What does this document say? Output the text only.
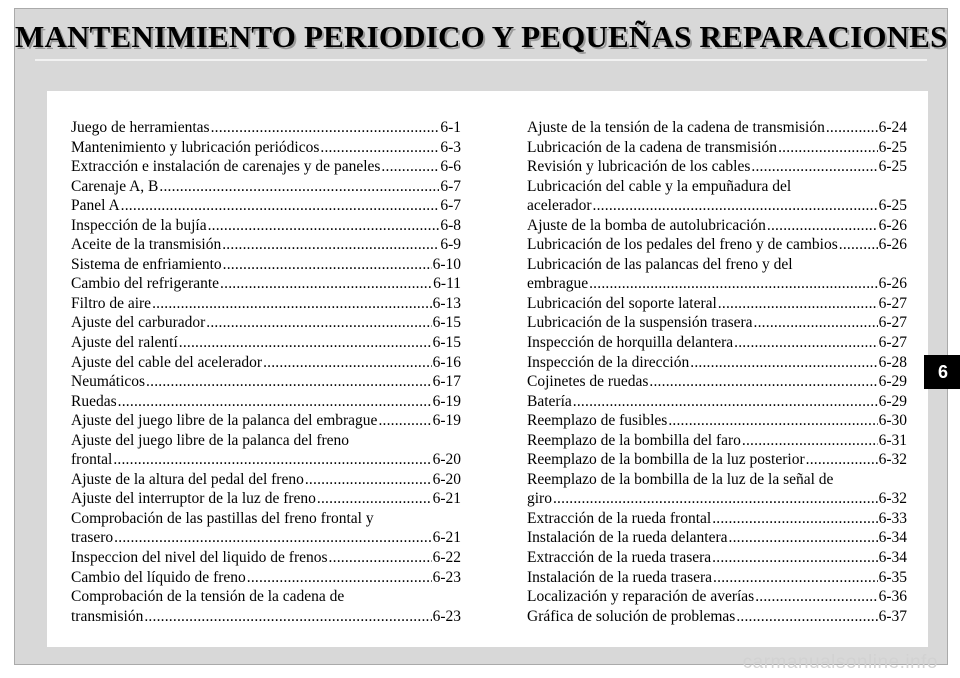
MANTENIMIENTO PERIODICO Y PEQUEÑAS REPARACIONES
Juego de herramientas .....	6-1
Mantenimiento y lubricación periódicos .....	6-3
Extracción e instalación de carenajes y de paneles .....	6-6
Carenaje A, B .....	6-7
Panel A .....	6-7
Inspección de la bujía .....	6-8
Aceite de la transmisión .....	6-9
Sistema de enfriamiento .....	6-10
Cambio del refrigerante .....	6-11
Filtro de aire .....	6-13
Ajuste del carburador .....	6-15
Ajuste del ralentí .....	6-15
Ajuste del cable del acelerador .....	6-16
Neumáticos .....	6-17
Ruedas .....	6-19
Ajuste del juego libre de la palanca del embrague .....	6-19
Ajuste del juego libre de la palanca del freno
frontal .....	6-20
Ajuste de la altura del pedal del freno .....	6-20
Ajuste del interruptor de la luz de freno .....	6-21
Comprobación de las pastillas del freno frontal y
trasero .....	6-21
Inspeccion del nivel del liquido de frenos .....	6-22
Cambio del líquido de freno .....	6-23
Comprobación de la tensión de la cadena de
transmisión .....	6-23
Ajuste de la tensión de la cadena de transmisión .....	6-24
Lubricación de la cadena de transmisión .....	6-25
Revisión y lubricación de los cables .....	6-25
Lubricación del cable y la empuñadura del
acelerador .....	6-25
Ajuste de la bomba de autolubricación .....	6-26
Lubricación de los pedales del freno y de cambios .....	6-26
Lubricación de las palancas del freno y del
embrague .....	6-26
Lubricación del soporte lateral .....	6-27
Lubricación de la suspensión trasera .....	6-27
Inspección de horquilla delantera .....	6-27
Inspección de la dirección .....	6-28
Cojinetes de ruedas .....	6-29
Batería .....	6-29
Reemplazo de fusibles .....	6-30
Reemplazo de la bombilla del faro .....	6-31
Reemplazo de la bombilla de la luz posterior .....	6-32
Reemplazo de la bombilla de la luz de la señal de
giro .....	6-32
Extracción de la rueda frontal .....	6-33
Instalación de la rueda delantera .....	6-34
Extracción de la rueda trasera .....	6-34
Instalación de la rueda trasera .....	6-35
Localización y reparación de averías .....	6-36
Gráfica de solución de problemas .....	6-37
6
carmanualsonline.info
